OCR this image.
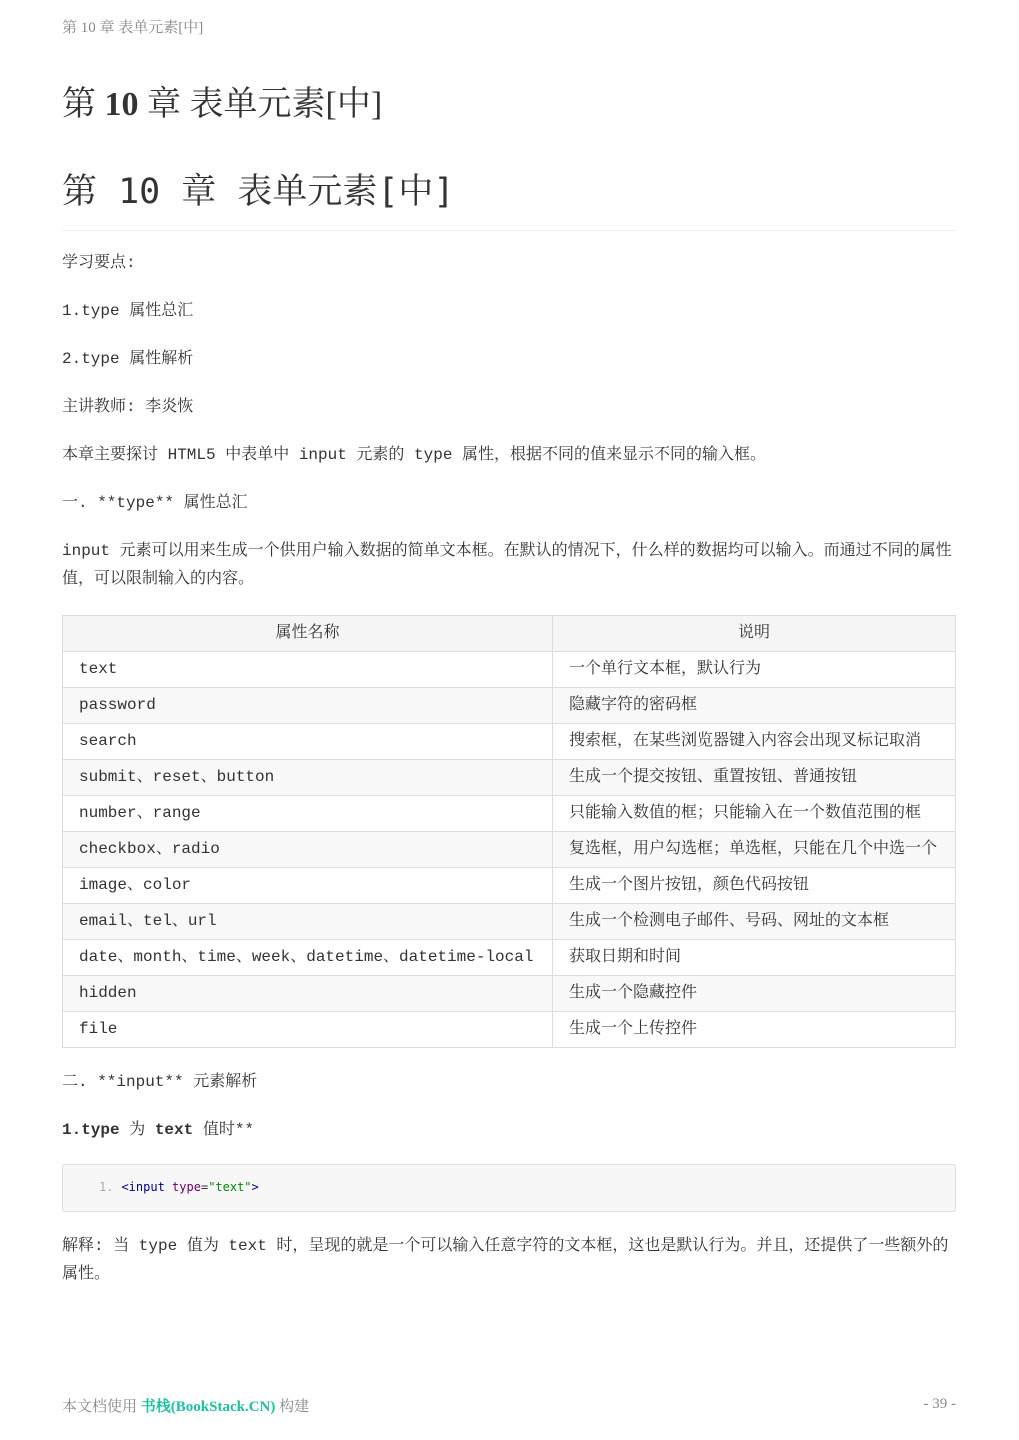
第 10 章 表单元素[中]
第 10 章 表单元素[中]
第 10 章 表单元素[中]

学习要点:

1.type 属性总汇

2.type 属性解析

主讲教师: 李炎恢

本章主要探讨 HTML5 中表单中 input 元素的 type 属性，根据不同的值来显示不同的输入框。

一. **type** 属性总汇

input 元素可以用来生成一个供用户输入数据的简单文本框。在默认的情况下，什么样的数据均可以输入。而通过不同的属性值，可以限制输入的内容。

属性名称	说明
text	一个单行文本框，默认行为
password	隐藏字符的密码框
search	搜索框，在某些浏览器键入内容会出现叉标记取消
submit、reset、button	生成一个提交按钮、重置按钮、普通按钮
number、range	只能输入数值的框；只能输入在一个数值范围的框
checkbox、radio	复选框，用户勾选框；单选框，只能在几个中选一个
image、color	生成一个图片按钮，颜色代码按钮
email、tel、url	生成一个检测电子邮件、号码、网址的文本框
date、month、time、week、datetime、datetime-local	获取日期和时间
hidden	生成一个隐藏控件
file	生成一个上传控件

二. **input** 元素解析

1.type 为 text 值时**

1. <input type="text">

解释: 当 type 值为 text 时，呈现的就是一个可以输入任意字符的文本框，这也是默认行为。并且，还提供了一些额外的属性。

本文档使用 书栈(BookStack.CN) 构建	- 39 -
